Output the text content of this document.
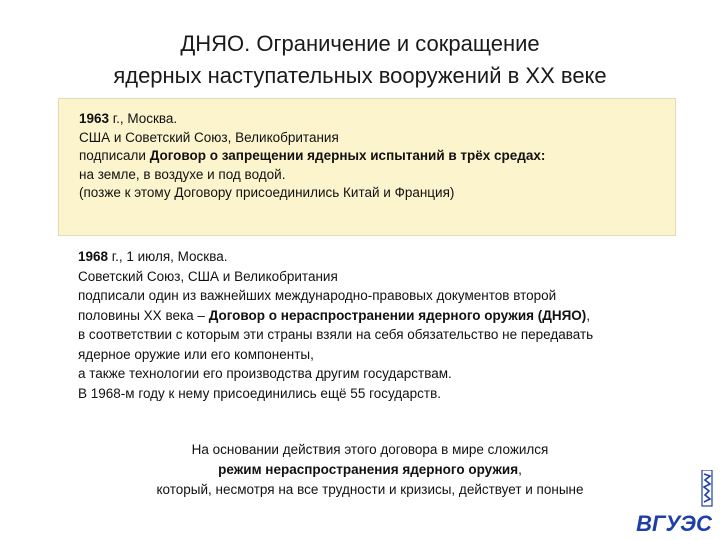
ДНЯО. Ограничение и сокращение
ядерных наступательных вооружений в XX веке
1963 г., Москва.
США и Советский Союз, Великобритания
подписали Договор о запрещении ядерных испытаний в трёх средах:
на земле, в воздухе и под водой.
(позже к этому Договору присоединились Китай и Франция)
1968 г., 1 июля, Москва.
Советский Союз, США и Великобритания
подписали один из важнейших международно-правовых документов второй
половины XX века – Договор о нераспространении ядерного оружия (ДНЯО),
в соответствии с которым эти страны взяли на себя обязательство не передавать
ядерное оружие или его компоненты,
а также технологии его производства другим государствам.
В 1968-м году к нему присоединились ещё 55 государств.
На основании действия этого договора в мире сложился
режим нераспространения ядерного оружия,
который, несмотря на все трудности и кризисы, действует и поныне
ВГУЭС
